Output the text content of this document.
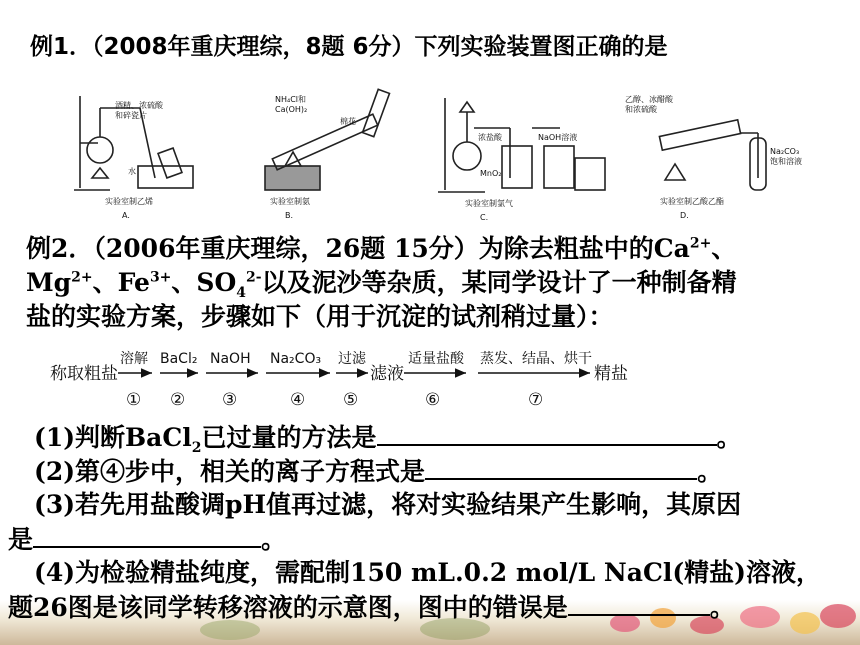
例1．（2008年重庆理综，8题 6分）下列实验装置图正确的是
酒精、浓硫酸
和碎瓷片
水
实验室制乙烯
A.
NH₄Cl和
Ca(OH)₂
棉花
实验室制氨
B.
浓盐酸
MnO₂
NaOH溶液
实验室制氯气
C.
乙醇、冰醋酸
和浓硫酸
Na₂CO₃
饱和溶液
实验室制乙酸乙酯
D.
例2．（2006年重庆理综，26题 15分）为除去粗盐中的$Ca^{2+}$、
$Mg^{2+}$、$Fe^{3+}$、$SO_4^{2-}$以及泥沙等杂质，某同学设计了一种制备精
盐的实验方案，步骤如下（用于沉淀的试剂稍过量）：
称取粗盐	滤液	精盐
溶解 BaCl₂ NaOH Na₂CO₃ 过滤	适量盐酸 蒸发、结晶、烘干
① ② ③	④ ⑤	⑥	⑦
(1)判断BaCl$_2$已过量的方法是	。
(2)第④步中，相关的离子方程式是	。
(3)若先用盐酸调pH值再过滤，将对实验结果产生影响，其原因
是	。
(4)为检验精盐纯度，需配制150 mL.0.2 mol/L NaCl(精盐)溶液，
题26图是该同学转移溶液的示意图，图中的错误是	。
